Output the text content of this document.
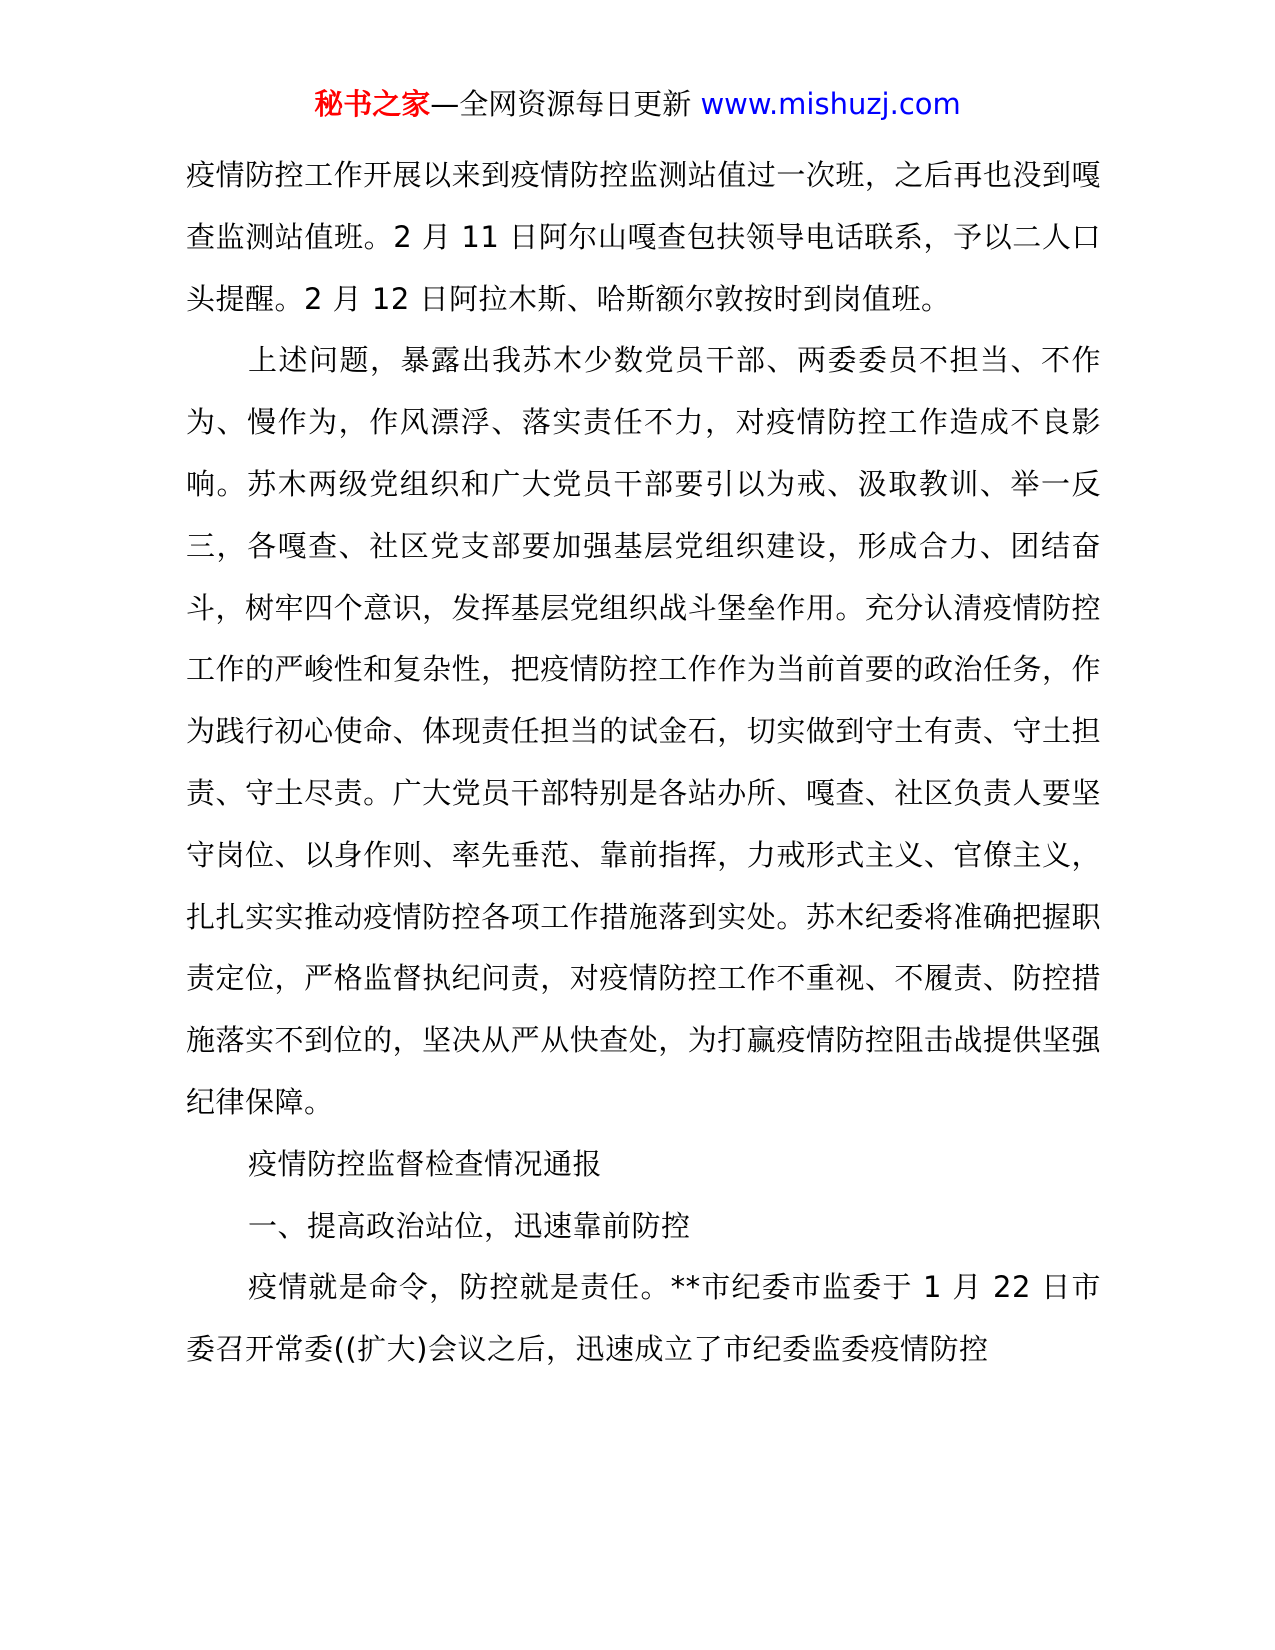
秘书之家—全网资源每日更新 www.mishuzj.com

疫情防控工作开展以来到疫情防控监测站值过一次班，之后再也没到嘎查监测站值班。2 月 11 日阿尔山嘎查包扶领导电话联系，予以二人口头提醒。2 月 12 日阿拉木斯、哈斯额尔敦按时到岗值班。

上述问题，暴露出我苏木少数党员干部、两委委员不担当、不作为、慢作为，作风漂浮、落实责任不力，对疫情防控工作造成不良影响。苏木两级党组织和广大党员干部要引以为戒、汲取教训、举一反三，各嘎查、社区党支部要加强基层党组织建设，形成合力、团结奋斗，树牢四个意识，发挥基层党组织战斗堡垒作用。充分认清疫情防控工作的严峻性和复杂性，把疫情防控工作作为当前首要的政治任务，作为践行初心使命、体现责任担当的试金石，切实做到守土有责、守土担责、守土尽责。广大党员干部特别是各站办所、嘎查、社区负责人要坚守岗位、以身作则、率先垂范、靠前指挥，力戒形式主义、官僚主义，扎扎实实推动疫情防控各项工作措施落到实处。苏木纪委将准确把握职责定位，严格监督执纪问责，对疫情防控工作不重视、不履责、防控措施落实不到位的，坚决从严从快查处，为打赢疫情防控阻击战提供坚强纪律保障。

疫情防控监督检查情况通报

一、提高政治站位，迅速靠前防控

疫情就是命令，防控就是责任。**市纪委市监委于 1 月 22 日市委召开常委((扩大)会议之后，迅速成立了市纪委监委疫情防控
